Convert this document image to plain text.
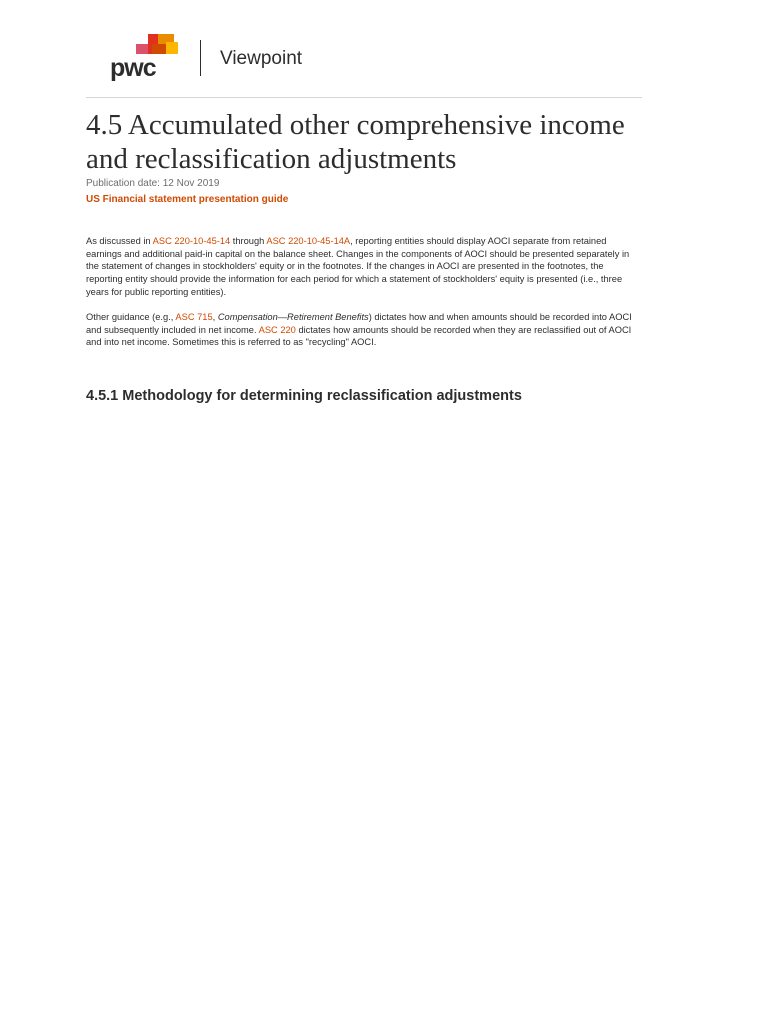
pwc	Viewpoint
4.5 Accumulated other comprehensive income and reclassification adjustments
Publication date: 12 Nov 2019
US Financial statement presentation guide

As discussed in ASC 220-10-45-14 through ASC 220-10-45-14A, reporting entities should display AOCI separate from retained earnings and additional paid-in capital on the balance sheet. Changes in the components of AOCI should be presented separately in the statement of changes in stockholders' equity or in the footnotes. If the changes in AOCI are presented in the footnotes, the reporting entity should provide the information for each period for which a statement of stockholders' equity is presented (i.e., three years for public reporting entities).

Other guidance (e.g., ASC 715, Compensation—Retirement Benefits) dictates how and when amounts should be recorded into AOCI and subsequently included in net income. ASC 220 dictates how amounts should be recorded when they are reclassified out of AOCI and into net income. Sometimes this is referred to as "recycling" AOCI.

4.5.1 Methodology for determining reclassification adjustments
